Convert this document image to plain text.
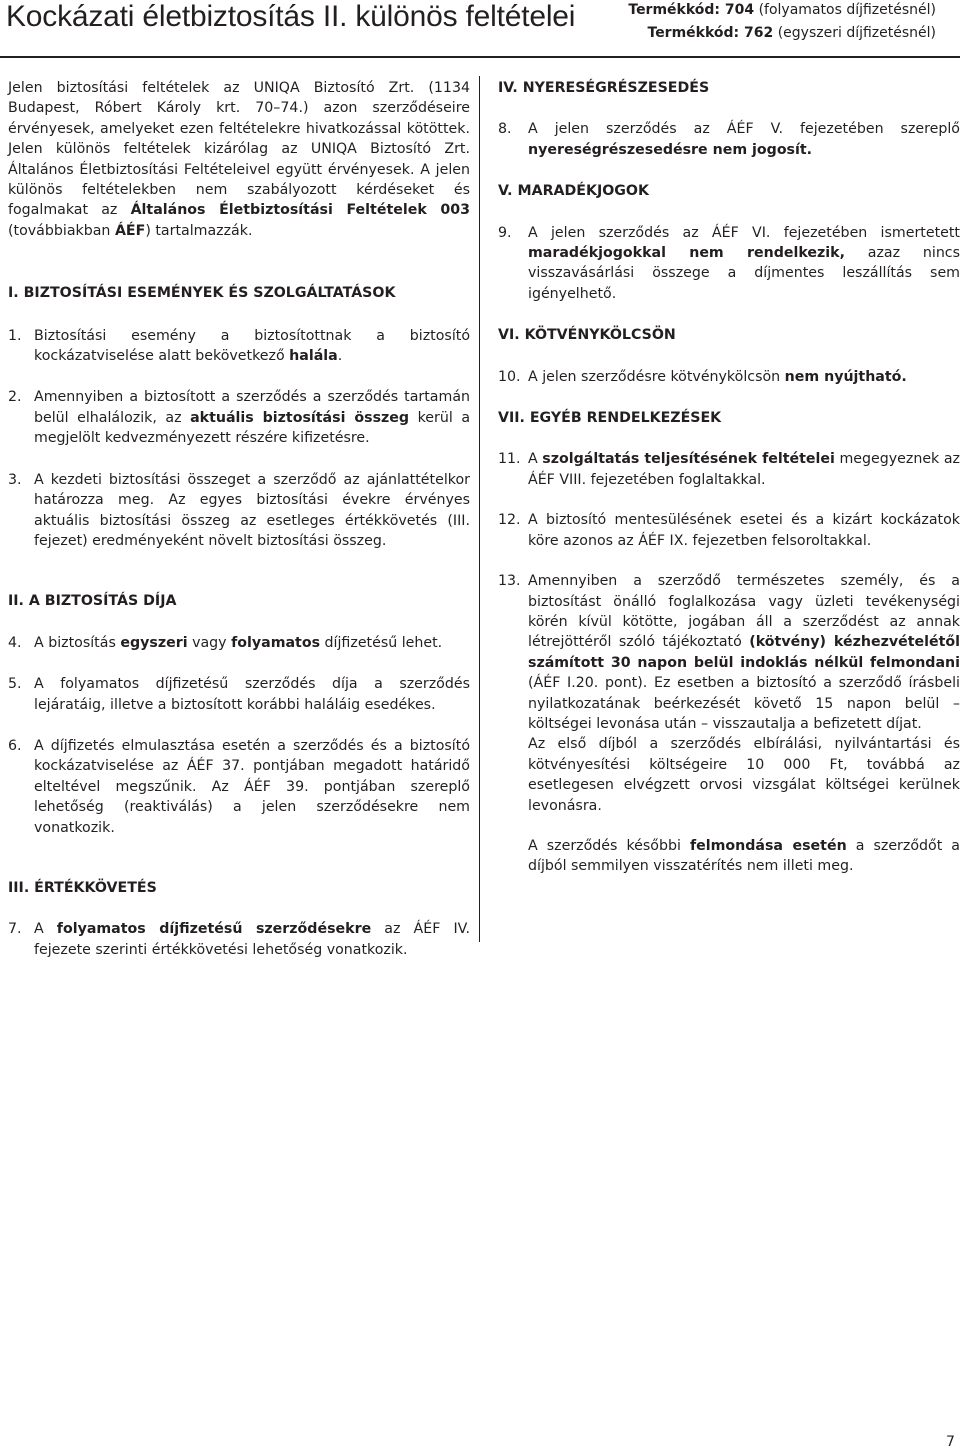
Kockázati életbiztosítás II. különös feltételei	Termékkód: 704 (folyamatos díjfizetésnél)
Termékkód: 762 (egyszeri díjfizetésnél)

Jelen biztosítási feltételek az UNIQA Biztosító Zrt. (1134 Budapest, Róbert Károly krt. 70–74.) azon szerződéseire érvényesek, amelyeket ezen feltételekre hivatkozással kötöttek. Jelen különös feltételek kizárólag az UNIQA Biztosító Zrt. Általános Életbiztosítási Feltételeivel együtt érvényesek. A jelen különös feltételekben nem szabályozott kérdéseket és fogalmakat az Általános Életbiztosítási Feltételek 003 (továbbiakban ÁÉF) tartalmazzák.

I. BIZTOSÍTÁSI ESEMÉNYEK ÉS SZOLGÁLTATÁSOK

1. Biztosítási esemény a biztosítottnak a biztosító kockázatviselése alatt bekövetkező halála.
2. Amennyiben a biztosított a szerződés a szerződés tartamán belül elhalálozik, az aktuális biztosítási összeg kerül a megjelölt kedvezményezett részére kifizetésre.
3. A kezdeti biztosítási összeget a szerződő az ajánlattételkor határozza meg. Az egyes biztosítási évekre érvényes aktuális biztosítási összeg az esetleges értékkövetés (III. fejezet) eredményeként növelt biztosítási összeg.

II. A BIZTOSÍTÁS DÍJA

4. A biztosítás egyszeri vagy folyamatos díjfizetésű lehet.
5. A folyamatos díjfizetésű szerződés díja a szerződés lejáratáig, illetve a biztosított korábbi haláláig esedékes.
6. A díjfizetés elmulasztása esetén a szerződés és a biztosító kockázatviselése az ÁÉF 37. pontjában megadott határidő elteltével megszűnik. Az ÁÉF 39. pontjában szereplő lehetőség (reaktiválás) a jelen szerződésekre nem vonatkozik.

III. ÉRTÉKKÖVETÉS

7. A folyamatos díjfizetésű szerződésekre az ÁÉF IV. fejezete szerinti értékkövetési lehetőség vonatkozik.

IV. NYERESÉGRÉSZESEDÉS

8. A jelen szerződés az ÁÉF V. fejezetében szereplő nyereségrészesedésre nem jogosít.

V. MARADÉKJOGOK

9. A jelen szerződés az ÁÉF VI. fejezetében ismertetett maradékjogokkal nem rendelkezik, azaz nincs visszavásárlási összege a díjmentes leszállítás sem igényelhető.

VI. KÖTVÉNYKÖLCSÖN

10. A jelen szerződésre kötvénykölcsön nem nyújtható.

VII. EGYÉB RENDELKEZÉSEK

11. A szolgáltatás teljesítésének feltételei megegyeznek az ÁÉF VIII. fejezetében foglaltakkal.
12. A biztosító mentesülésének esetei és a kizárt kockázatok köre azonos az ÁÉF IX. fejezetben felsoroltakkal.
13. Amennyiben a szerződő természetes személy, és a biztosítást önálló foglalkozása vagy üzleti tevékenységi körén kívül kötötte, jogában áll a szerződést az annak létrejöttéről szóló tájékoztató (kötvény) kézhezvételétől számított 30 napon belül indoklás nélkül felmondani (ÁÉF I.20. pont). Ez esetben a biztosító a szerződő írásbeli nyilatkozatának beérkezését követő 15 napon belül – költségei levonása után – visszautalja a befizetett díjat.
Az első díjból a szerződés elbírálási, nyilvántartási és kötvényesítési költségeire 10 000 Ft, továbbá az esetlegesen elvégzett orvosi vizsgálat költségei kerülnek levonásra.
A szerződés későbbi felmondása esetén a szerződőt a díjból semmilyen visszatérítés nem illeti meg.
7
